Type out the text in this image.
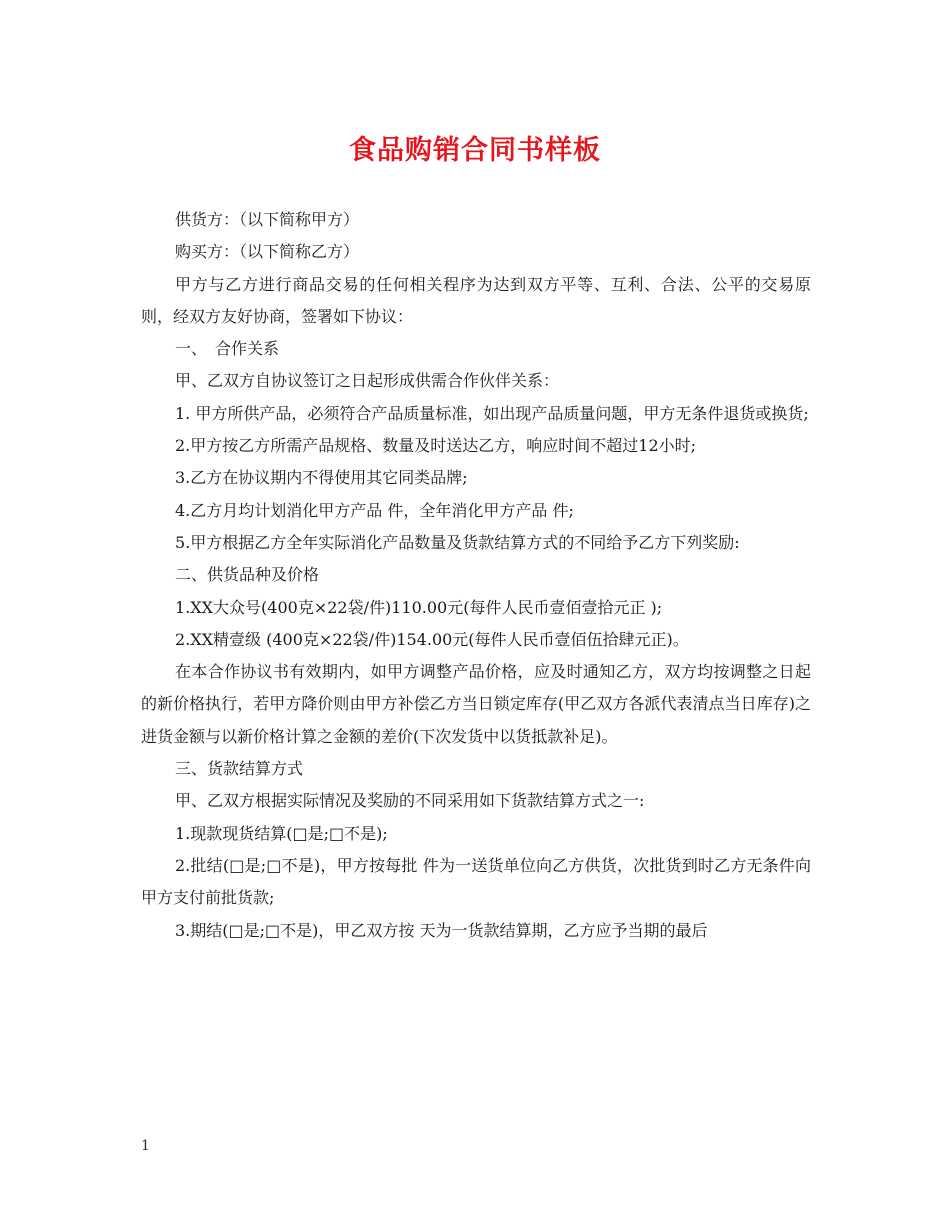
食品购销合同书样板

供货方：（以下简称甲方）

购买方：（以下简称乙方）

甲方与乙方进行商品交易的任何相关程序为达到双方平等、互利、合法、公平的交易原则，经双方友好协商，签署如下协议：

一、　合作关系

甲、乙双方自协议签订之日起形成供需合作伙伴关系：

1. 甲方所供产品，必须符合产品质量标准，如出现产品质量问题，甲方无条件退货或换货;

2.甲方按乙方所需产品规格、数量及时送达乙方，响应时间不超过12小时;

3.乙方在协议期内不得使用其它同类品牌;

4.乙方月均计划消化甲方产品 件，全年消化甲方产品 件;

5.甲方根据乙方全年实际消化产品数量及货款结算方式的不同给予乙方下列奖励:

二、供货品种及价格

1.XX大众号(400克×22袋/件)110.00元(每件人民币壹佰壹拾元正 );

2.XX精壹级 (400克×22袋/件)154.00元(每件人民币壹佰伍拾肆元正)。

在本合作协议书有效期内，如甲方调整产品价格，应及时通知乙方，双方均按调整之日起的新价格执行，若甲方降价则由甲方补偿乙方当日锁定库存(甲乙双方各派代表清点当日库存)之进货金额与以新价格计算之金额的差价(下次发货中以货抵款补足)。

三、货款结算方式

甲、乙双方根据实际情况及奖励的不同采用如下货款结算方式之一:

1.现款现货结算(□是;□不是);

2.批结(□是;□不是)，甲方按每批 件为一送货单位向乙方供货，次批货到时乙方无条件向甲方支付前批货款;

3.期结(□是;□不是)，甲乙双方按 天为一货款结算期，乙方应予当期的最后

1
